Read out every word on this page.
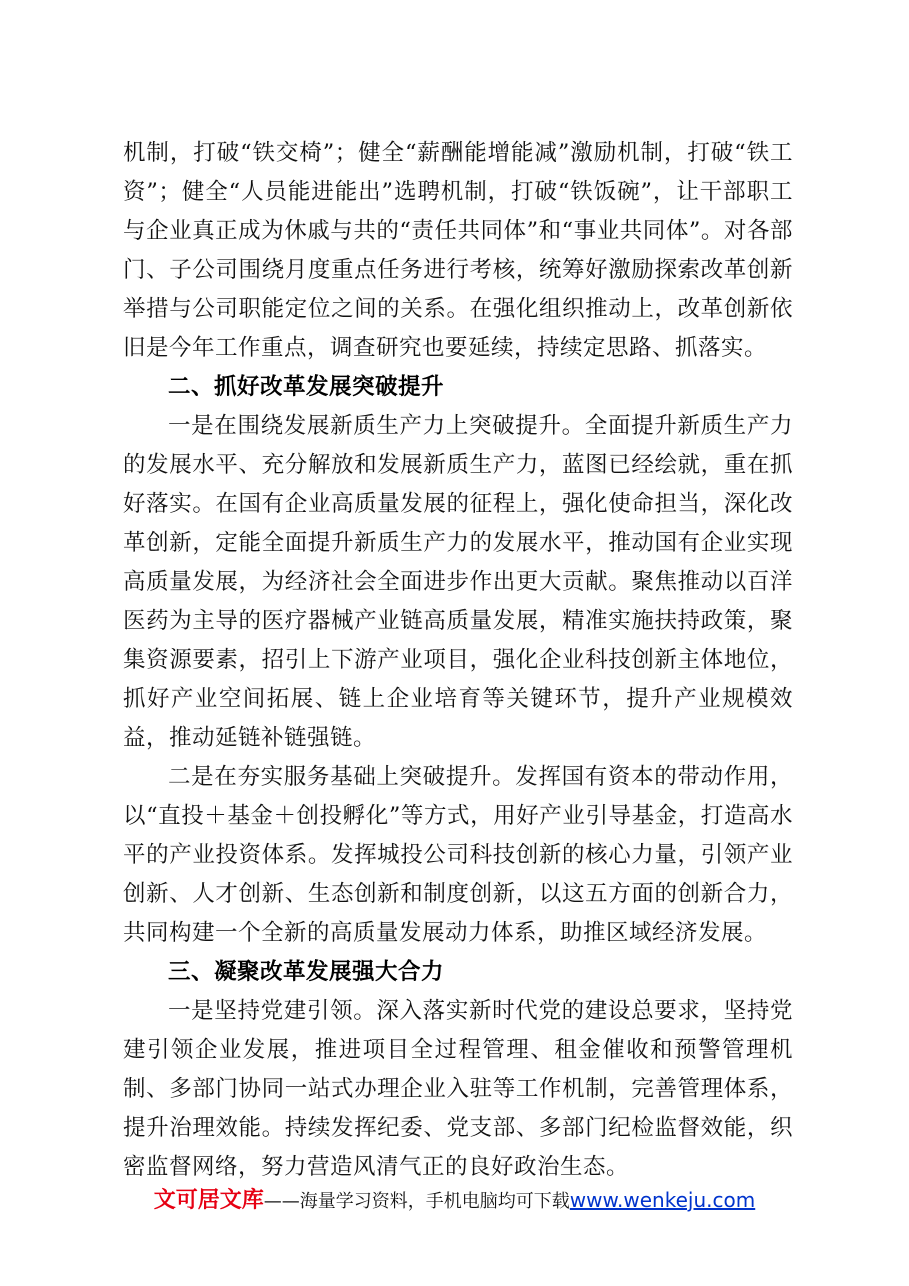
机制，打破“铁交椅”；健全“薪酬能增能减”激励机制，打破“铁工资”；健全“人员能进能出”选聘机制，打破“铁饭碗”，让干部职工与企业真正成为休戚与共的“责任共同体”和“事业共同体”。对各部门、子公司围绕月度重点任务进行考核，统筹好激励探索改革创新举措与公司职能定位之间的关系。在强化组织推动上，改革创新依旧是今年工作重点，调查研究也要延续，持续定思路、抓落实。

二、抓好改革发展突破提升

一是在围绕发展新质生产力上突破提升。全面提升新质生产力的发展水平、充分解放和发展新质生产力，蓝图已经绘就，重在抓好落实。在国有企业高质量发展的征程上，强化使命担当，深化改革创新，定能全面提升新质生产力的发展水平，推动国有企业实现高质量发展，为经济社会全面进步作出更大贡献。聚焦推动以百洋医药为主导的医疗器械产业链高质量发展，精准实施扶持政策，聚集资源要素，招引上下游产业项目，强化企业科技创新主体地位，抓好产业空间拓展、链上企业培育等关键环节，提升产业规模效益，推动延链补链强链。

二是在夯实服务基础上突破提升。发挥国有资本的带动作用，以“直投＋基金＋创投孵化”等方式，用好产业引导基金，打造高水平的产业投资体系。发挥城投公司科技创新的核心力量，引领产业创新、人才创新、生态创新和制度创新，以这五方面的创新合力，共同构建一个全新的高质量发展动力体系，助推区域经济发展。

三、凝聚改革发展强大合力

一是坚持党建引领。深入落实新时代党的建设总要求，坚持党建引领企业发展，推进项目全过程管理、租金催收和预警管理机制、多部门协同一站式办理企业入驻等工作机制，完善管理体系，提升治理效能。持续发挥纪委、党支部、多部门纪检监督效能，织密监督网络，努力营造风清气正的良好政治生态。

文可居文库——海量学习资料，手机电脑均可下载www.wenkeju.com
